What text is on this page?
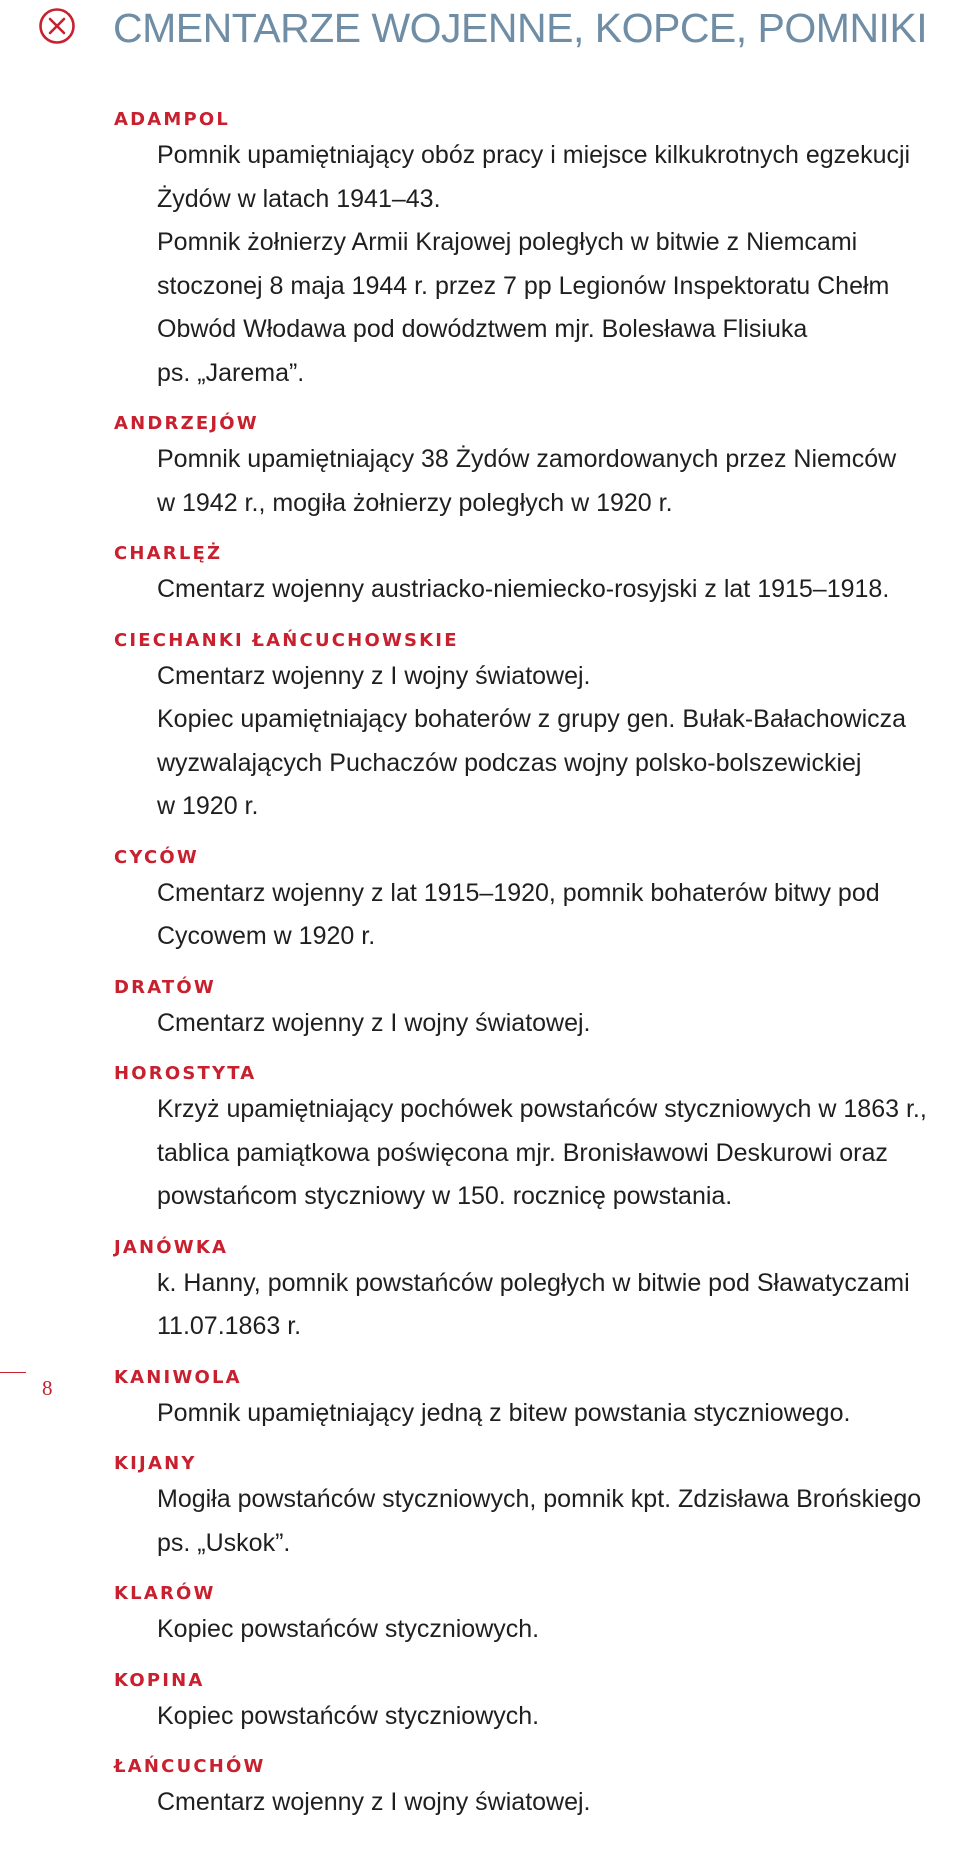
CMENTARZE WOJENNE, KOPCE, POMNIKI
8
ADAMPOL
Pomnik upamiętniający obóz pracy i miejsce kilkukrotnych egzekucji
Żydów w latach 1941–43.
Pomnik żołnierzy Armii Krajowej poległych w bitwie z Niemcami
stoczonej 8 maja 1944 r. przez 7 pp Legionów Inspektoratu Chełm
Obwód Włodawa pod dowództwem mjr. Bolesława Flisiuka
ps. „Jarema”.
ANDRZEJÓW
Pomnik upamiętniający 38 Żydów zamordowanych przez Niemców
w 1942 r., mogiła żołnierzy poległych w 1920 r.
CHARLĘŻ
Cmentarz wojenny austriacko-niemiecko-rosyjski z lat 1915–1918.
CIECHANKI ŁAŃCUCHOWSKIE
Cmentarz wojenny z I wojny światowej.
Kopiec upamiętniający bohaterów z grupy gen. Bułak-Bałachowicza
wyzwalających Puchaczów podczas wojny polsko-bolszewickiej
w 1920 r.
CYCÓW
Cmentarz wojenny z lat 1915–1920, pomnik bohaterów bitwy pod
Cycowem w 1920 r.
DRATÓW
Cmentarz wojenny z I wojny światowej.
HOROSTYTA
Krzyż upamiętniający pochówek powstańców styczniowych w 1863 r.,
tablica pamiątkowa poświęcona mjr. Bronisławowi Deskurowi oraz
powstańcom styczniowy w 150. rocznicę powstania.
JANÓWKA
k. Hanny, pomnik powstańców poległych w bitwie pod Sławatyczami
11.07.1863 r.
KANIWOLA
Pomnik upamiętniający jedną z bitew powstania styczniowego.
KIJANY
Mogiła powstańców styczniowych, pomnik kpt. Zdzisława Brońskiego
ps. „Uskok”.
KLARÓW
Kopiec powstańców styczniowych.
KOPINA
Kopiec powstańców styczniowych.
ŁAŃCUCHÓW
Cmentarz wojenny z I wojny światowej.
